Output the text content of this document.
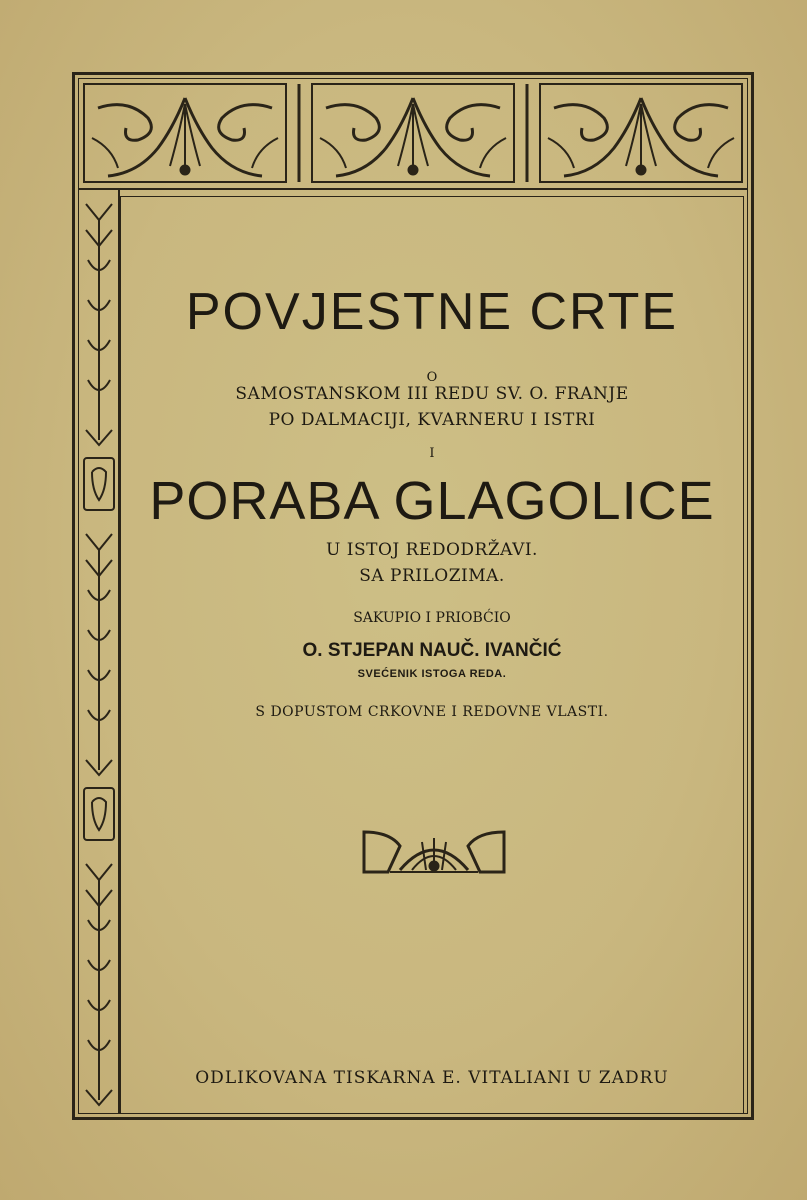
POVJESTNE CRTE
O
SAMOSTANSKOM III REDU SV. O. FRANJE
PO DALMACIJI, KVARNERU I ISTRI
I
PORABA GLAGOLICE
U ISTOJ REDODRŽAVI.
SA PRILOZIMA.
SAKUPIO I PRIOBĆIO
O. STJEPAN NAUČ. IVANČIĆ
SVEĆENIK ISTOGA REDA.
S DOPUSTOM CRKOVNE I REDOVNE VLASTI.
ODLIKOVANA TISKARNA E. VITALIANI U ZADRU
